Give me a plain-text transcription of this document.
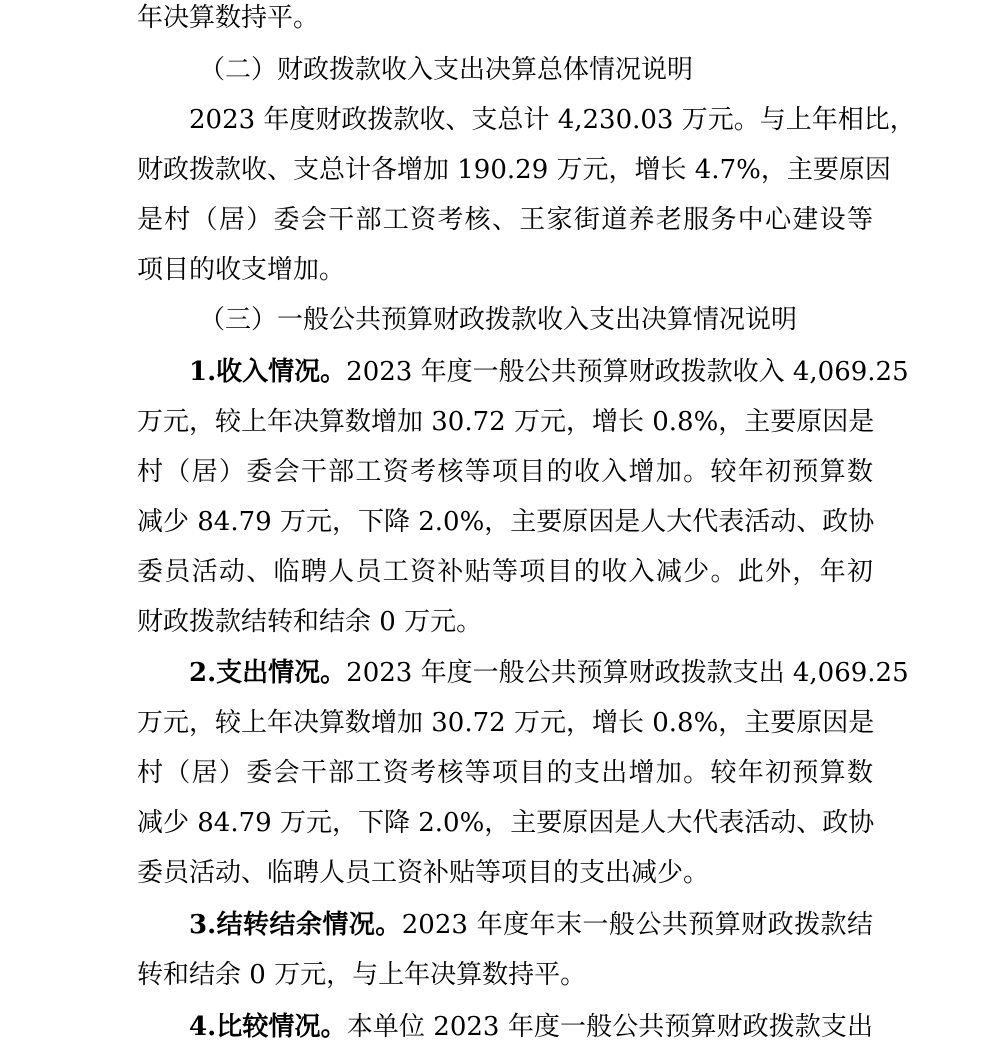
年决算数持平。
（二）财政拨款收入支出决算总体情况说明
2023 年度财政拨款收、支总计 4,230.03 万元。与上年相比，
财政拨款收、支总计各增加 190.29 万元，增长 4.7%，主要原因
是村（居）委会干部工资考核、王家街道养老服务中心建设等
项目的收支增加。
（三）一般公共预算财政拨款收入支出决算情况说明
1.收入情况。2023 年度一般公共预算财政拨款收入 4,069.25
万元，较上年决算数增加 30.72 万元，增长 0.8%，主要原因是
村（居）委会干部工资考核等项目的收入增加。较年初预算数
减少 84.79 万元，下降 2.0%，主要原因是人大代表活动、政协
委员活动、临聘人员工资补贴等项目的收入减少。此外，年初
财政拨款结转和结余 0 万元。
2.支出情况。2023 年度一般公共预算财政拨款支出 4,069.25
万元，较上年决算数增加 30.72 万元，增长 0.8%，主要原因是
村（居）委会干部工资考核等项目的支出增加。较年初预算数
减少 84.79 万元，下降 2.0%，主要原因是人大代表活动、政协
委员活动、临聘人员工资补贴等项目的支出减少。
3.结转结余情况。2023 年度年末一般公共预算财政拨款结
转和结余 0 万元，与上年决算数持平。
4.比较情况。本单位 2023 年度一般公共预算财政拨款支出
